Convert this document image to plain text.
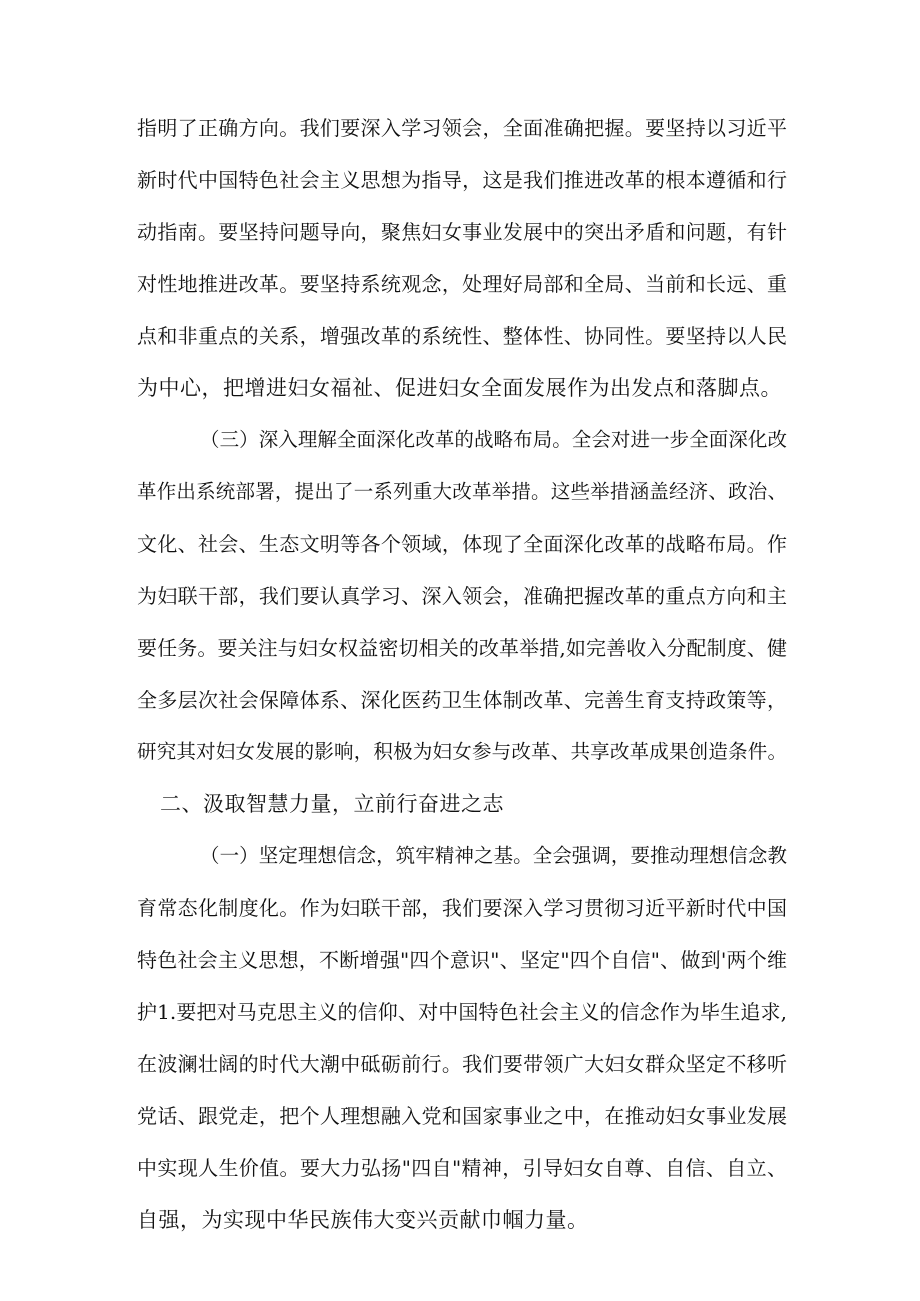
指明了正确方向。我们要深入学习领会，全面准确把握。要坚持以习近平
新时代中国特色社会主义思想为指导，这是我们推进改革的根本遵循和行
动指南。要坚持问题导向，聚焦妇女事业发展中的突出矛盾和问题，有针
对性地推进改革。要坚持系统观念，处理好局部和全局、当前和长远、重
点和非重点的关系，增强改革的系统性、整体性、协同性。要坚持以人民
为中心，把增进妇女福祉、促进妇女全面发展作为出发点和落脚点。
（三）深入理解全面深化改革的战略布局。全会对进一步全面深化改
革作出系统部署，提出了一系列重大改革举措。这些举措涵盖经济、政治、
文化、社会、生态文明等各个领域，体现了全面深化改革的战略布局。作
为妇联干部，我们要认真学习、深入领会，准确把握改革的重点方向和主
要任务。要关注与妇女权益密切相关的改革举措,如完善收入分配制度、健
全多层次社会保障体系、深化医药卫生体制改革、完善生育支持政策等，
研究其对妇女发展的影响，积极为妇女参与改革、共享改革成果创造条件。
二、汲取智慧力量，立前行奋进之志
（一）坚定理想信念，筑牢精神之基。全会强调，要推动理想信念教
育常态化制度化。作为妇联干部，我们要深入学习贯彻习近平新时代中国
特色社会主义思想，不断增强"四个意识"、坚定"四个自信"、做到'两个维
护1.要把对马克思主义的信仰、对中国特色社会主义的信念作为毕生追求,
在波澜壮阔的时代大潮中砥砺前行。我们要带领广大妇女群众坚定不移听
党话、跟党走，把个人理想融入党和国家事业之中，在推动妇女事业发展
中实现人生价值。要大力弘扬"四自"精神，引导妇女自尊、自信、自立、
自强，为实现中华民族伟大变兴贡献巾帼力量。
